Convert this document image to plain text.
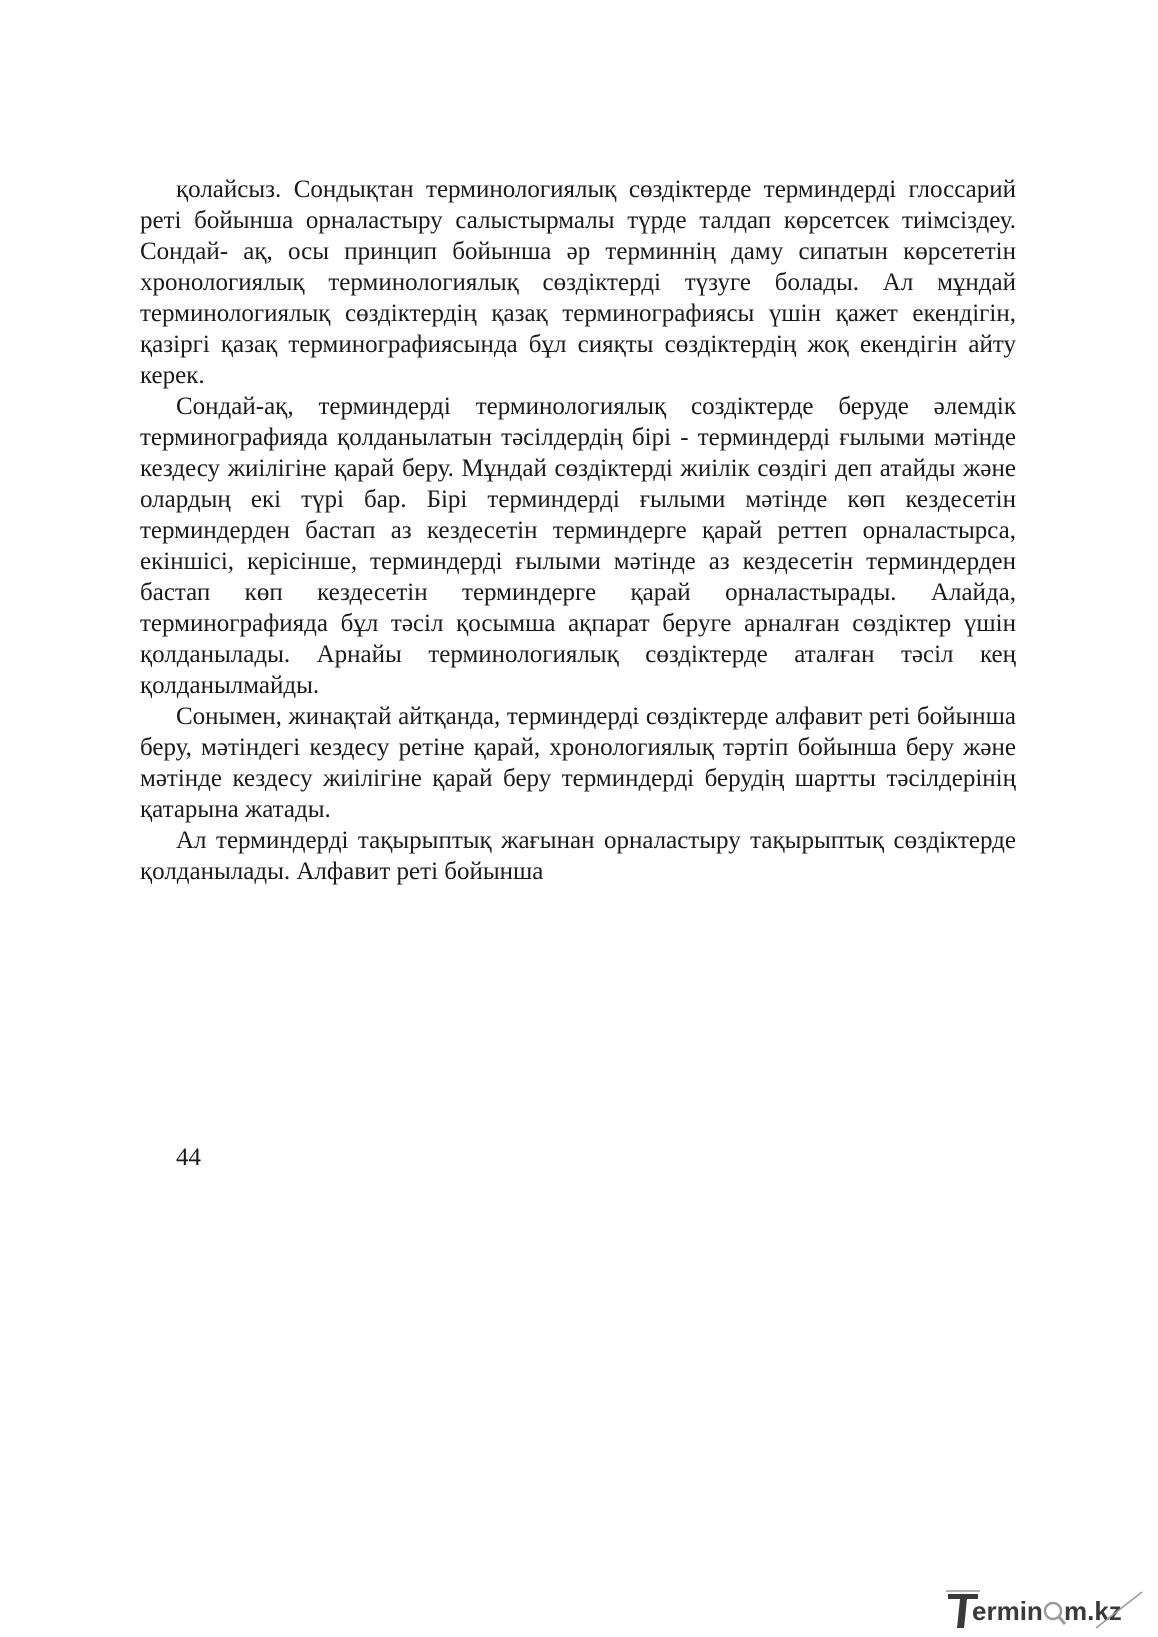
қолайсыз. Сондықтан терминологиялық сөздіктерде терминдерді глоссарий реті бойынша орналастыру салыстырмалы түрде талдап көрсетсек тиімсіздеу. Сондай- ақ, осы принцип бойынша әр терминнің даму сипатын көрсететін хронологиялық терминологиялық сөздіктерді түзуге болады. Ал мұндай терминологиялық сөздіктердің қазақ терминографиясы үшін қажет екендігін, қазіргі қазақ терминографиясында бұл сияқты сөздіктердің жоқ екендігін айту керек.

Сондай-ақ, терминдерді терминологиялық создіктерде беруде әлемдік терминографияда қолданылатын тәсілдердің бірі - терминдерді ғылыми мәтінде кездесу жиілігіне қарай беру. Мұндай сөздіктерді жиілік сөздігі деп атайды және олардың екі түрі бар. Бірі терминдерді ғылыми мәтінде көп кездесетін терминдерден бастап аз кездесетін терминдерге қарай реттеп орналастырса, екіншісі, керісінше, терминдерді ғылыми мәтінде аз кездесетін терминдерден бастап көп кездесетін терминдерге қарай орналастырады. Алайда, терминографияда бұл тәсіл қосымша ақпарат беруге арналған сөздіктер үшін қолданылады. Арнайы терминологиялық сөздіктерде аталған тәсіл кең қолданылмайды.

Сонымен, жинақтай айтқанда, терминдерді сөздіктерде алфавит реті бойынша беру, мәтіндегі кездесу ретіне қарай, хронологиялық тәртіп бойынша беру және мәтінде кездесу жиілігіне қарай беру терминдерді берудің шартты тәсілдерінің қатарына жатады.

Ал терминдерді тақырыптық жағынан орналастыру тақырыптық сөздіктерде қолданылады. Алфавит реті бойынша

44
ermin m.kz
